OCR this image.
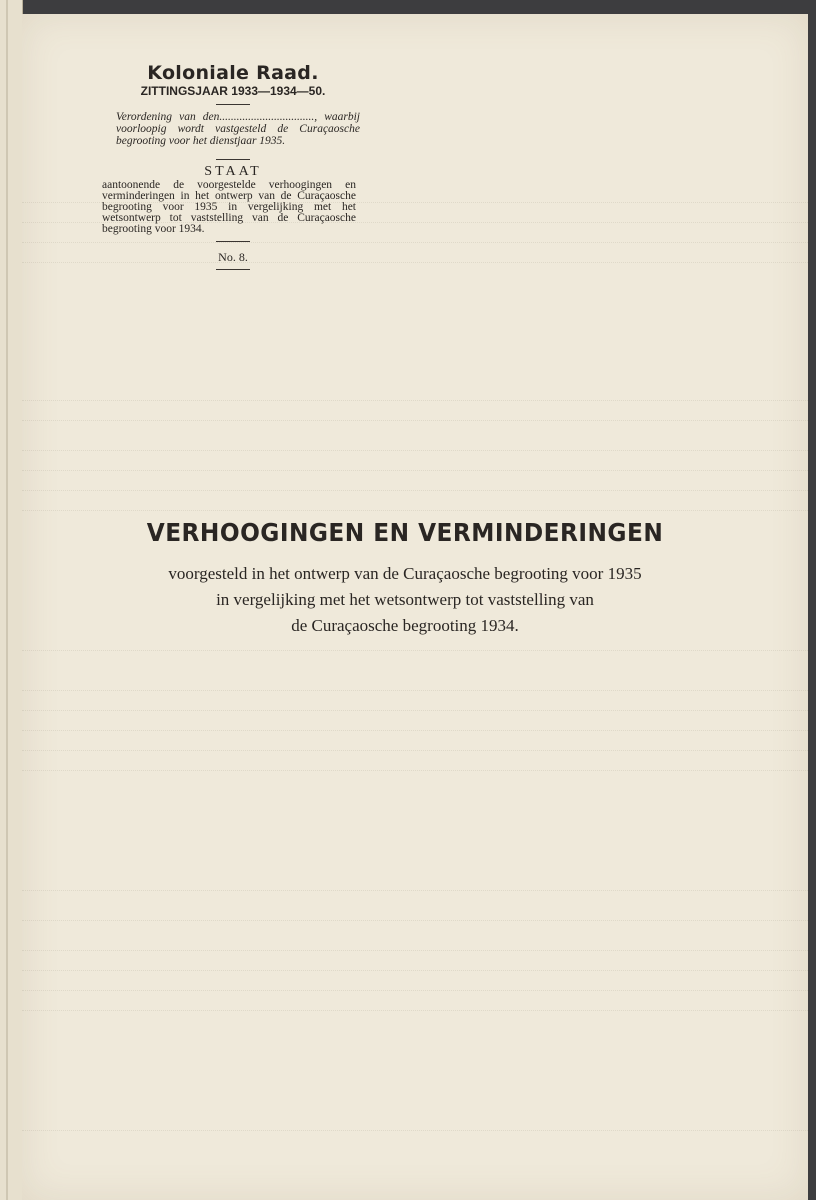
Koloniale Raad.
ZITTINGSJAAR 1933—1934—50.
Verordening van den................................., waarbij voorloopig wordt vastgesteld de Curaçaosche begrooting voor het dienstjaar 1935.
STAAT
aantoonende de voorgestelde verhoogingen en verminderingen in het ontwerp van de Curaçaosche begrooting voor 1935 in vergelijking met het wetsontwerp tot vaststelling van de Curaçaosche begrooting voor 1934.
No. 8.
VERHOOGINGEN EN VERMINDERINGEN
voorgesteld in het ontwerp van de Curaçaosche begrooting voor 1935
in vergelijking met het wetsontwerp tot vaststelling van
de Curaçaosche begrooting 1934.
